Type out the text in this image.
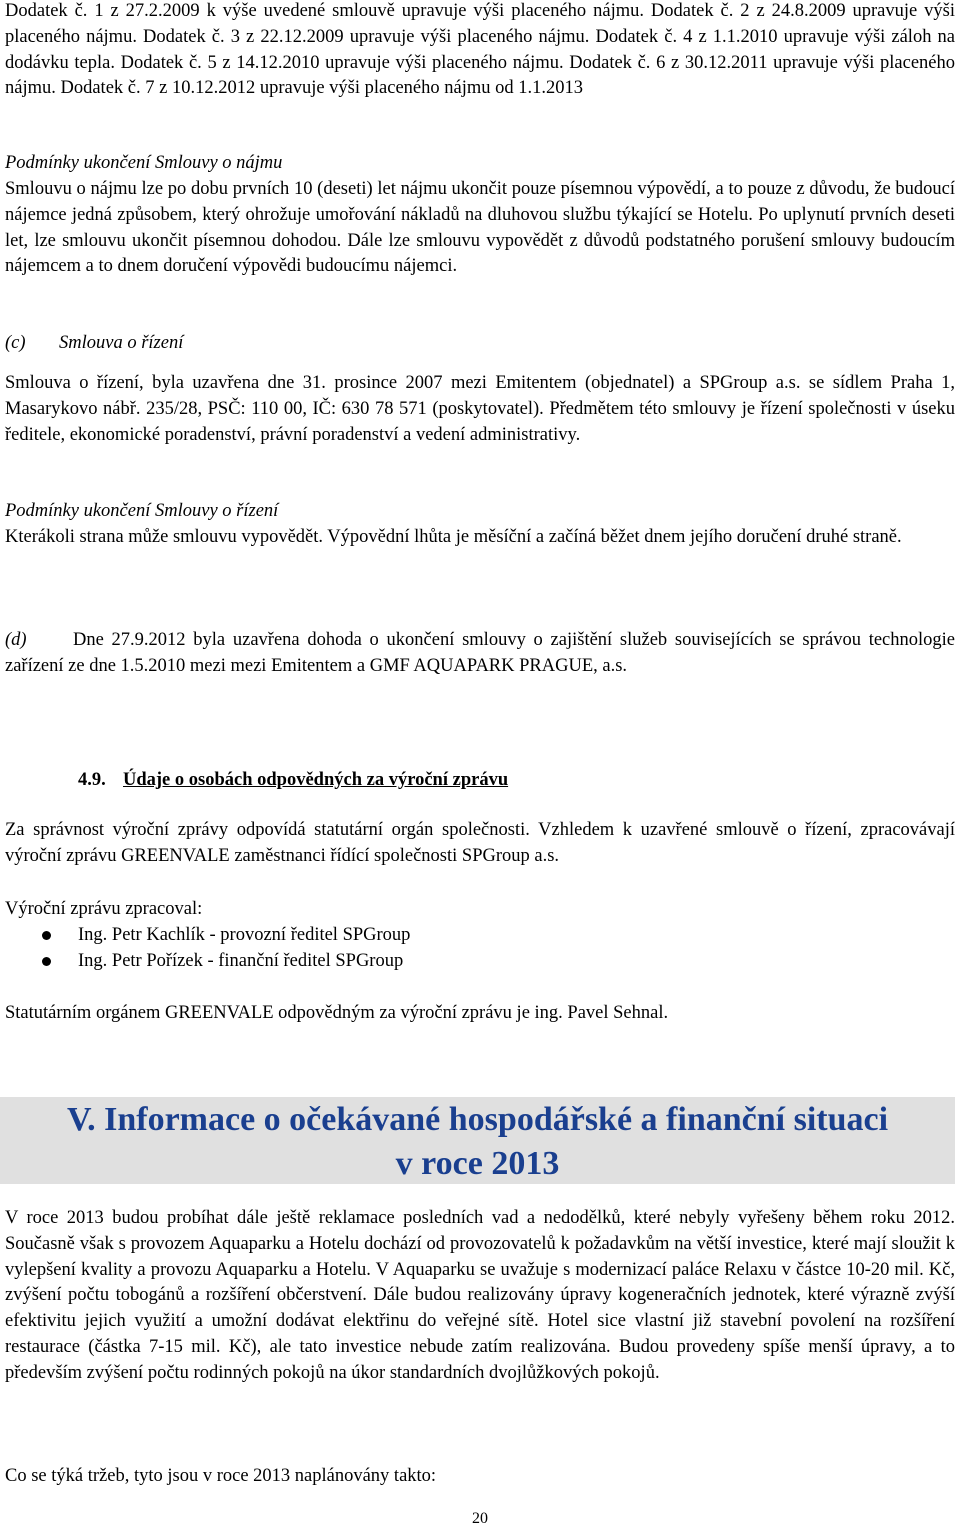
Dodatek č. 1 z 27.2.2009 k výše uvedené smlouvě upravuje výši placeného nájmu. Dodatek č. 2 z 24.8.2009 upravuje výši placeného nájmu. Dodatek č. 3 z 22.12.2009 upravuje výši placeného nájmu. Dodatek č. 4 z 1.1.2010 upravuje výši záloh na dodávku tepla. Dodatek č. 5 z 14.12.2010 upravuje výši placeného nájmu. Dodatek č. 6 z 30.12.2011 upravuje výši placeného nájmu. Dodatek č. 7 z 10.12.2012 upravuje výši placeného nájmu od 1.1.2013

Podmínky ukončení Smlouvy o nájmu

Smlouvu o nájmu lze po dobu prvních 10 (deseti) let nájmu ukončit pouze písemnou výpovědí, a to pouze z důvodu, že budoucí nájemce jedná způsobem, který ohrožuje umořování nákladů na dluhovou službu týkající se Hotelu. Po uplynutí prvních deseti let, lze smlouvu ukončit písemnou dohodou. Dále lze smlouvu vypovědět z důvodů podstatného porušení smlouvy budoucím nájemcem a to dnem doručení výpovědi budoucímu nájemci.

(c) Smlouva o řízení

Smlouva o řízení, byla uzavřena dne 31. prosince 2007 mezi Emitentem (objednatel) a SPGroup a.s. se sídlem Praha 1, Masarykovo nábř. 235/28, PSČ: 110 00, IČ: 630 78 571 (poskytovatel). Předmětem této smlouvy je řízení společnosti v úseku ředitele, ekonomické poradenství, právní poradenství a vedení administrativy.

Podmínky ukončení Smlouvy o řízení

Kterákoli strana může smlouvu vypovědět. Výpovědní lhůta je měsíční a začíná běžet dnem jejího doručení druhé straně.

(d)	Dne 27.9.2012 byla uzavřena dohoda o ukončení smlouvy o zajištění služeb souvisejících se správou technologie zařízení ze dne 1.5.2010 mezi mezi Emitentem a GMF AQUAPARK PRAGUE, a.s.

4.9. Údaje o osobách odpovědných za výroční zprávu

Za správnost výroční zprávy odpovídá statutární orgán společnosti. Vzhledem k uzavřené smlouvě o řízení, zpracovávají výroční zprávu GREENVALE zaměstnanci řídící společnosti SPGroup a.s.

Výroční zprávu zpracoval:

Ing. Petr Kachlík - provozní ředitel SPGroup
Ing. Petr Pořízek - finanční ředitel SPGroup

Statutárním orgánem GREENVALE odpovědným za výroční zprávu je ing. Pavel Sehnal.

V. Informace o očekávané hospodářské a finanční situaci

v roce 2013

V roce 2013 budou probíhat dále ještě reklamace posledních vad a nedodělků, které nebyly vyřešeny během roku 2012. Současně však s provozem Aquaparku a Hotelu dochází od provozovatelů k požadavkům na větší investice, které mají sloužit k vylepšení kvality a provozu Aquaparku a Hotelu. V Aquaparku se uvažuje s modernizací paláce Relaxu v částce 10-20 mil. Kč, zvýšení počtu tobogánů a rozšíření občerstvení. Dále budou realizovány úpravy kogeneračních jednotek, které výrazně zvýší efektivitu jejich využití a umožní dodávat elektřinu do veřejné sítě. Hotel sice vlastní již stavební povolení na rozšíření restaurace (částka 7-15 mil. Kč), ale tato investice nebude zatím realizována. Budou provedeny spíše menší úpravy, a to především zvýšení počtu rodinných pokojů na úkor standardních dvojlůžkových pokojů.

Co se týká tržeb, tyto jsou v roce 2013 naplánovány takto:

20
